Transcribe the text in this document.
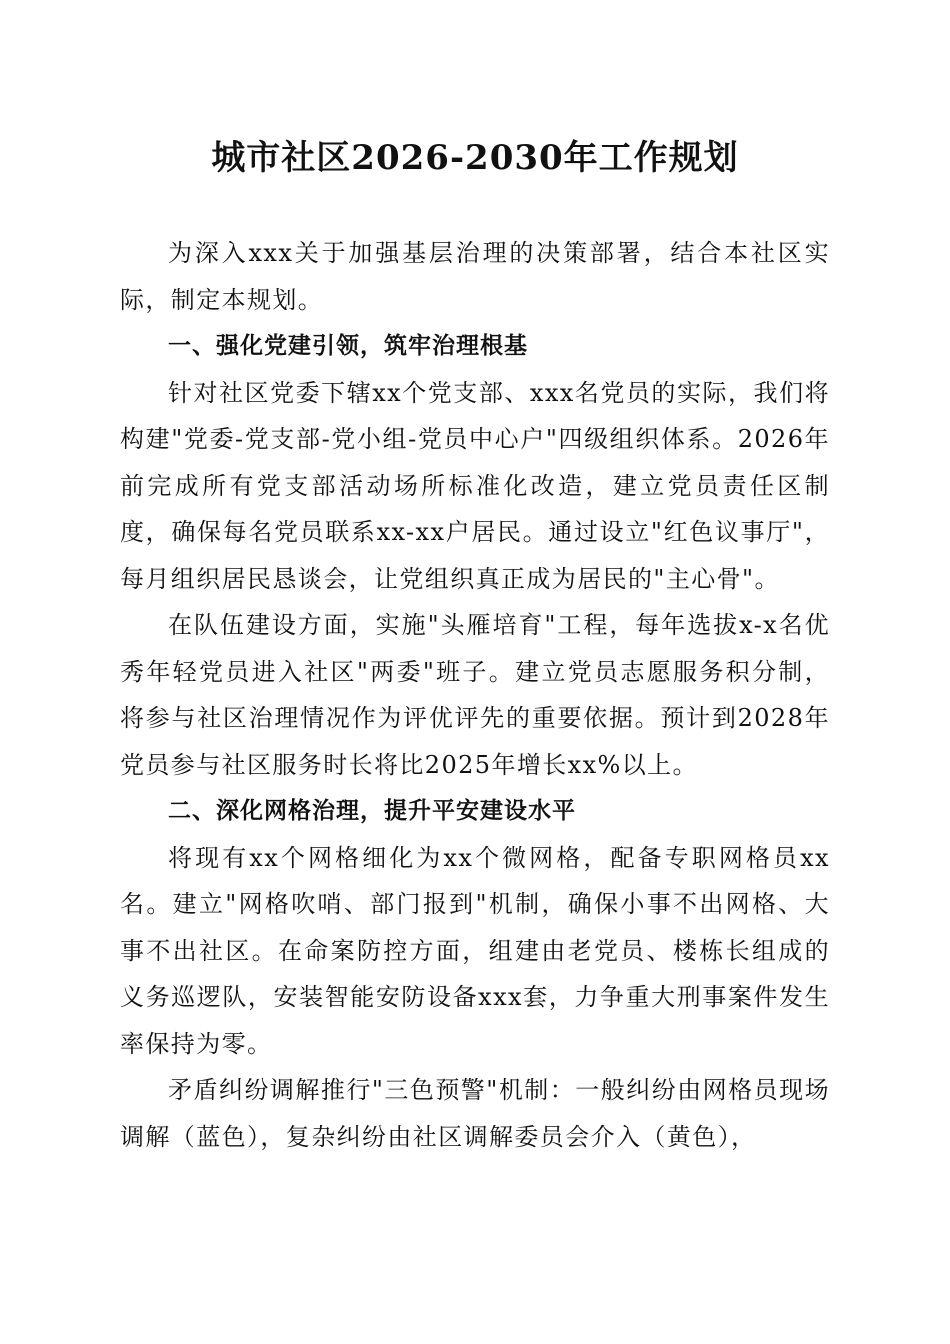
城市社区2026-2030年工作规划

为深入xxx关于加强基层治理的决策部署，结合本社区实际，制定本规划。

一、强化党建引领，筑牢治理根基

针对社区党委下辖xx个党支部、xxx名党员的实际，我们将构建"党委-党支部-党小组-党员中心户"四级组织体系。2026年前完成所有党支部活动场所标准化改造，建立党员责任区制度，确保每名党员联系xx-xx户居民。通过设立"红色议事厅"，每月组织居民恳谈会，让党组织真正成为居民的"主心骨"。

在队伍建设方面，实施"头雁培育"工程，每年选拔x-x名优秀年轻党员进入社区"两委"班子。建立党员志愿服务积分制，将参与社区治理情况作为评优评先的重要依据。预计到2028年党员参与社区服务时长将比2025年增长xx%以上。

二、深化网格治理，提升平安建设水平

将现有xx个网格细化为xx个微网格，配备专职网格员xx名。建立"网格吹哨、部门报到"机制，确保小事不出网格、大事不出社区。在命案防控方面，组建由老党员、楼栋长组成的义务巡逻队，安装智能安防设备xxx套，力争重大刑事案件发生率保持为零。

矛盾纠纷调解推行"三色预警"机制：一般纠纷由网格员现场调解（蓝色），复杂纠纷由社区调解委员会介入（黄色），
